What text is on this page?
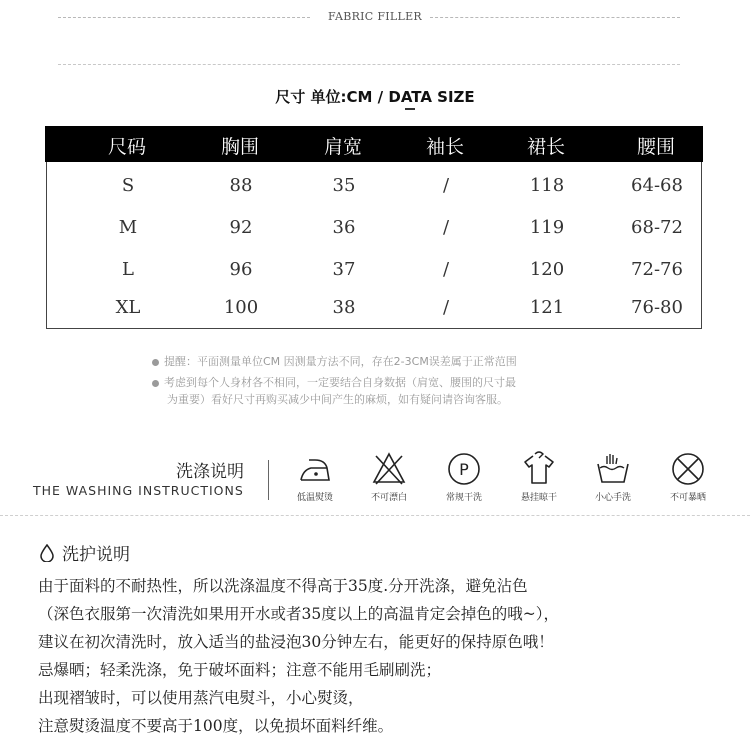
FABRIC FILLER
尺寸 单位:CM / DATA SIZE
尺码	胸围	肩宽	袖长	裙长	腰围
S	88	35	/	118	64-68
M	92	36	/	119	68-72
L	96	37	/	120	72-76
XL	100	38	/	121	76-80
提醒：平面测量单位CM 因测量方法不同，存在2-3CM误差属于正常范围
考虑到每个人身材各不相同，一定要结合自身数据（肩宽、腰围的尺寸最
为重要）看好尺寸再购买减少中间产生的麻烦，如有疑问请咨询客服。
洗涤说明
THE WASHING INSTRUCTIONS	低温熨烫	不可漂白
P
常规干洗	悬挂晾干	小心手洗	不可暴晒
洗护说明
由于面料的不耐热性，所以洗涤温度不得高于35度.分开洗涤，避免沾色
（深色衣服第一次清洗如果用开水或者35度以上的高温肯定会掉色的哦~），
建议在初次清洗时，放入适当的盐浸泡30分钟左右，能更好的保持原色哦！
忌爆晒；轻柔洗涤，免于破坏面料；注意不能用毛刷刷洗；
出现褶皱时，可以使用蒸汽电熨斗，小心熨烫，
注意熨烫温度不要高于100度，以免损坏面料纤维。
